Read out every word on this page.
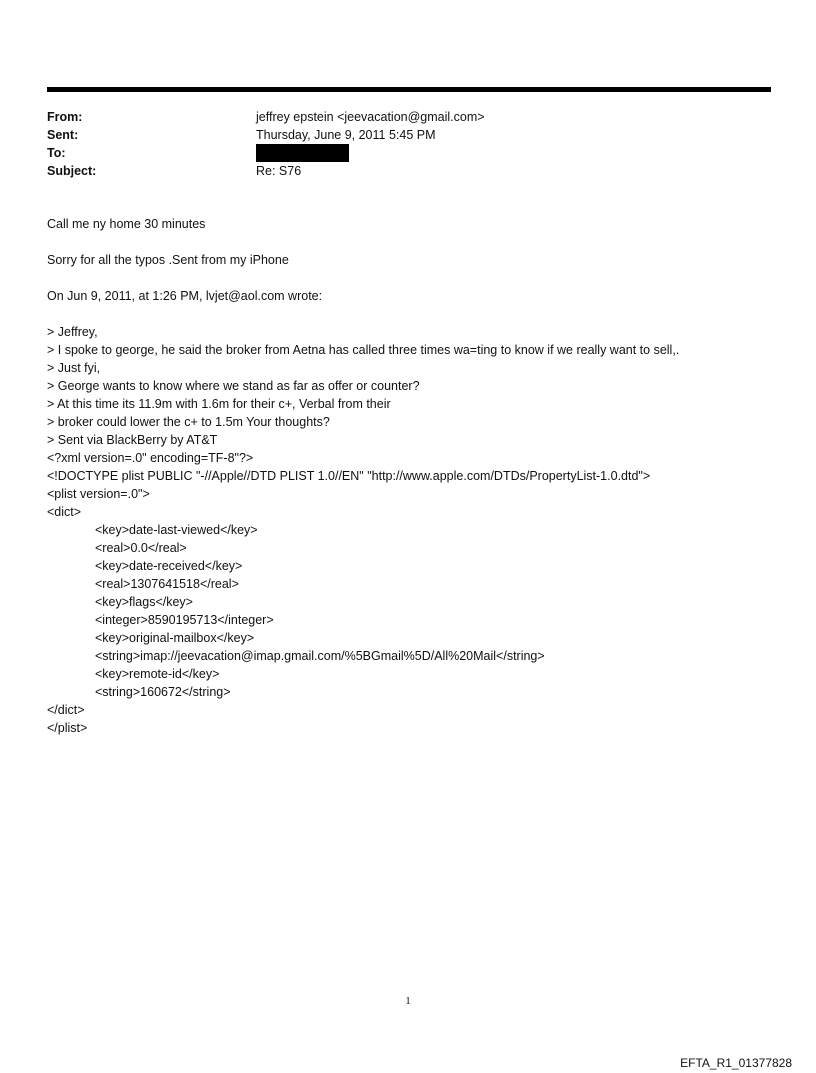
From:	jeffrey epstein <jeevacation@gmail.com>
Sent:	Thursday, June 9, 2011 5:45 PM
To:
Subject:	Re: S76
Call me ny home 30 minutes
Sorry for all the typos .Sent from my iPhone
On Jun 9, 2011, at 1:26 PM, lvjet@aol.com wrote:
> Jeffrey,
> I spoke to george, he said the broker from Aetna has called three times wa=ting to know if we really want to sell,.
> Just fyi,
> George wants to know where we stand as far as offer or counter?
> At this time its 11.9m with 1.6m for their c+, Verbal from their
> broker could lower the c+ to 1.5m Your thoughts?
> Sent via BlackBerry by AT&T
<?xml version=.0" encoding=TF-8"?>
<!DOCTYPE plist PUBLIC "-//Apple//DTD PLIST 1.0//EN" "http://www.apple.com/DTDs/PropertyList-1.0.dtd">
<plist version=.0">
<dict>
<key>date-last-viewed</key>
<real>0.0</real>
<key>date-received</key>
<real>1307641518</real>
<key>flags</key>
<integer>8590195713</integer>
<key>original-mailbox</key>
<string>imap://jeevacation@imap.gmail.com/%5BGmail%5D/All%20Mail</string>
<key>remote-id</key>
<string>160672</string>
</dict>
</plist>
1
EFTA_R1_01377828
